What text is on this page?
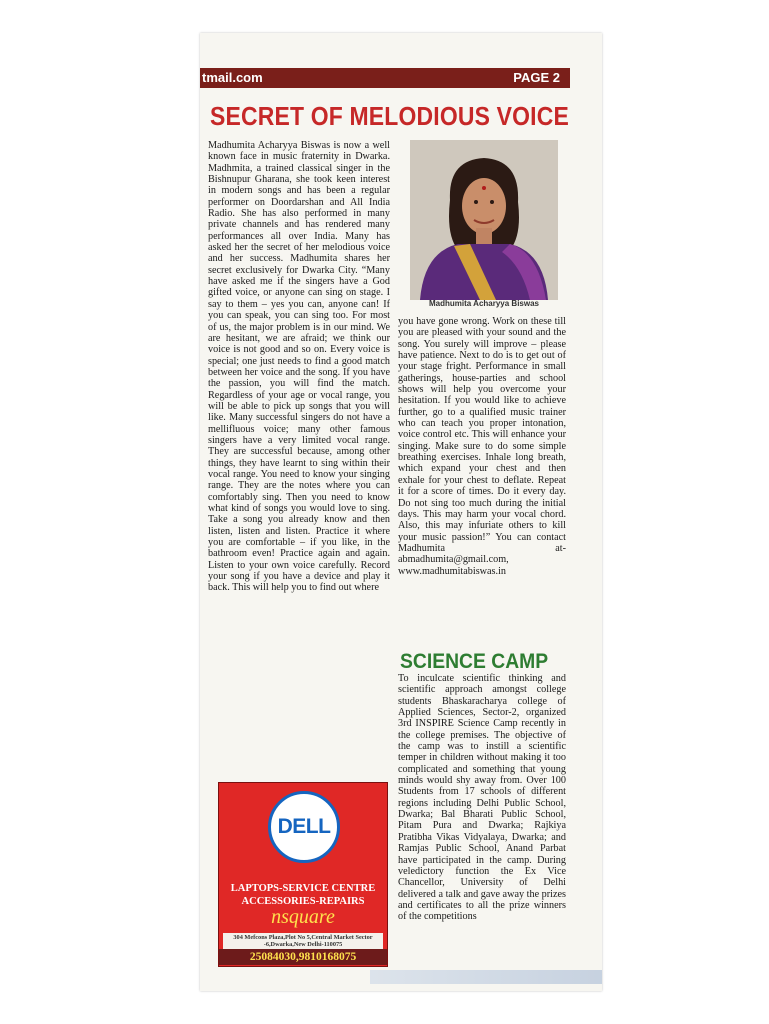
tmail.com	PAGE 2
SECRET OF MELODIOUS VOICE

Madhumita Acharyya Biswas is now a well known face in music fraternity in Dwarka. Madhmita, a trained classical singer in the Bishnupur Gharana, she took keen interest in modern songs and has been a regular performer on Doordarshan and All India Radio. She has also performed in many private channels and has rendered many performances all over India. Many has asked her the secret of her melodious voice and her success. Madhumita shares her secret exclusively for Dwarka City. “Many have asked me if the singers have a God gifted voice, or anyone can sing on stage. I say to them – yes you can, anyone can! If you can speak, you can sing too. For most of us, the major problem is in our mind. We are hesitant, we are afraid; we think our voice is not good and so on. Every voice is special; one just needs to find a good match between her voice and the song. If you have the passion, you will find the match. Regardless of your age or vocal range, you will be able to pick up songs that you will like. Many successful singers do not have a mellifluous voice; many other famous singers have a very limited vocal range. They are successful because, among other things, they have learnt to sing within their vocal range. You need to know your singing range. They are the notes where you can comfortably sing. Then you need to know what kind of songs you would love to sing. Take a song you already know and then listen, listen and listen. Practice it where you are comfortable – if you like, in the bathroom even! Practice again and again. Listen to your own voice carefully. Record your song if you have a device and play it back. This will help you to find out where

Madhumita Acharyya Biswas

you have gone wrong. Work on these till you are pleased with your sound and the song. You surely will improve – please have patience. Next to do is to get out of your stage fright. Performance in small gatherings, house-parties and school shows will help you overcome your hesitation. If you would like to achieve further, go to a qualified music trainer who can teach you proper intonation, voice control etc. This will enhance your singing. Make sure to do some simple breathing exercises. Inhale long breath, which expand your chest and then exhale for your chest to deflate. Repeat it for a score of times. Do it every day. Do not sing too much during the initial days. This may harm your vocal chord. Also, this may infuriate others to kill your music passion!” You can contact Madhumita at- abmadhumita@gmail.com, www.madhumitabiswas.in

SCIENCE CAMP

To inculcate scientific thinking and scientific approach amongst college students Bhaskaracharya college of Applied Sciences, Sector-2, organized 3rd INSPIRE Science Camp recently in the college premises. The objective of the camp was to instill a scientific temper in children without making it too complicated and something that young minds would shy away from. Over 100 Students from 17 schools of different regions including Delhi Public School, Dwarka; Bal Bharati Public School, Pitam Pura and Dwarka; Rajkiya Pratibha Vikas Vidyalaya, Dwarka; and Ramjas Public School, Anand Parbat have participated in the camp. During veledictory function the Ex Vice Chancellor, University of Delhi delivered a talk and gave away the prizes and certificates to all the prize winners of the competitions

DELL
LAPTOPS-SERVICE CENTRE
ACCESSORIES-REPAIRS
nsquare
304 Mefcons Plaza,Plot No 5,Central Market Sector -6,Dwarka,New Delhi-110075
25084030,9810168075
